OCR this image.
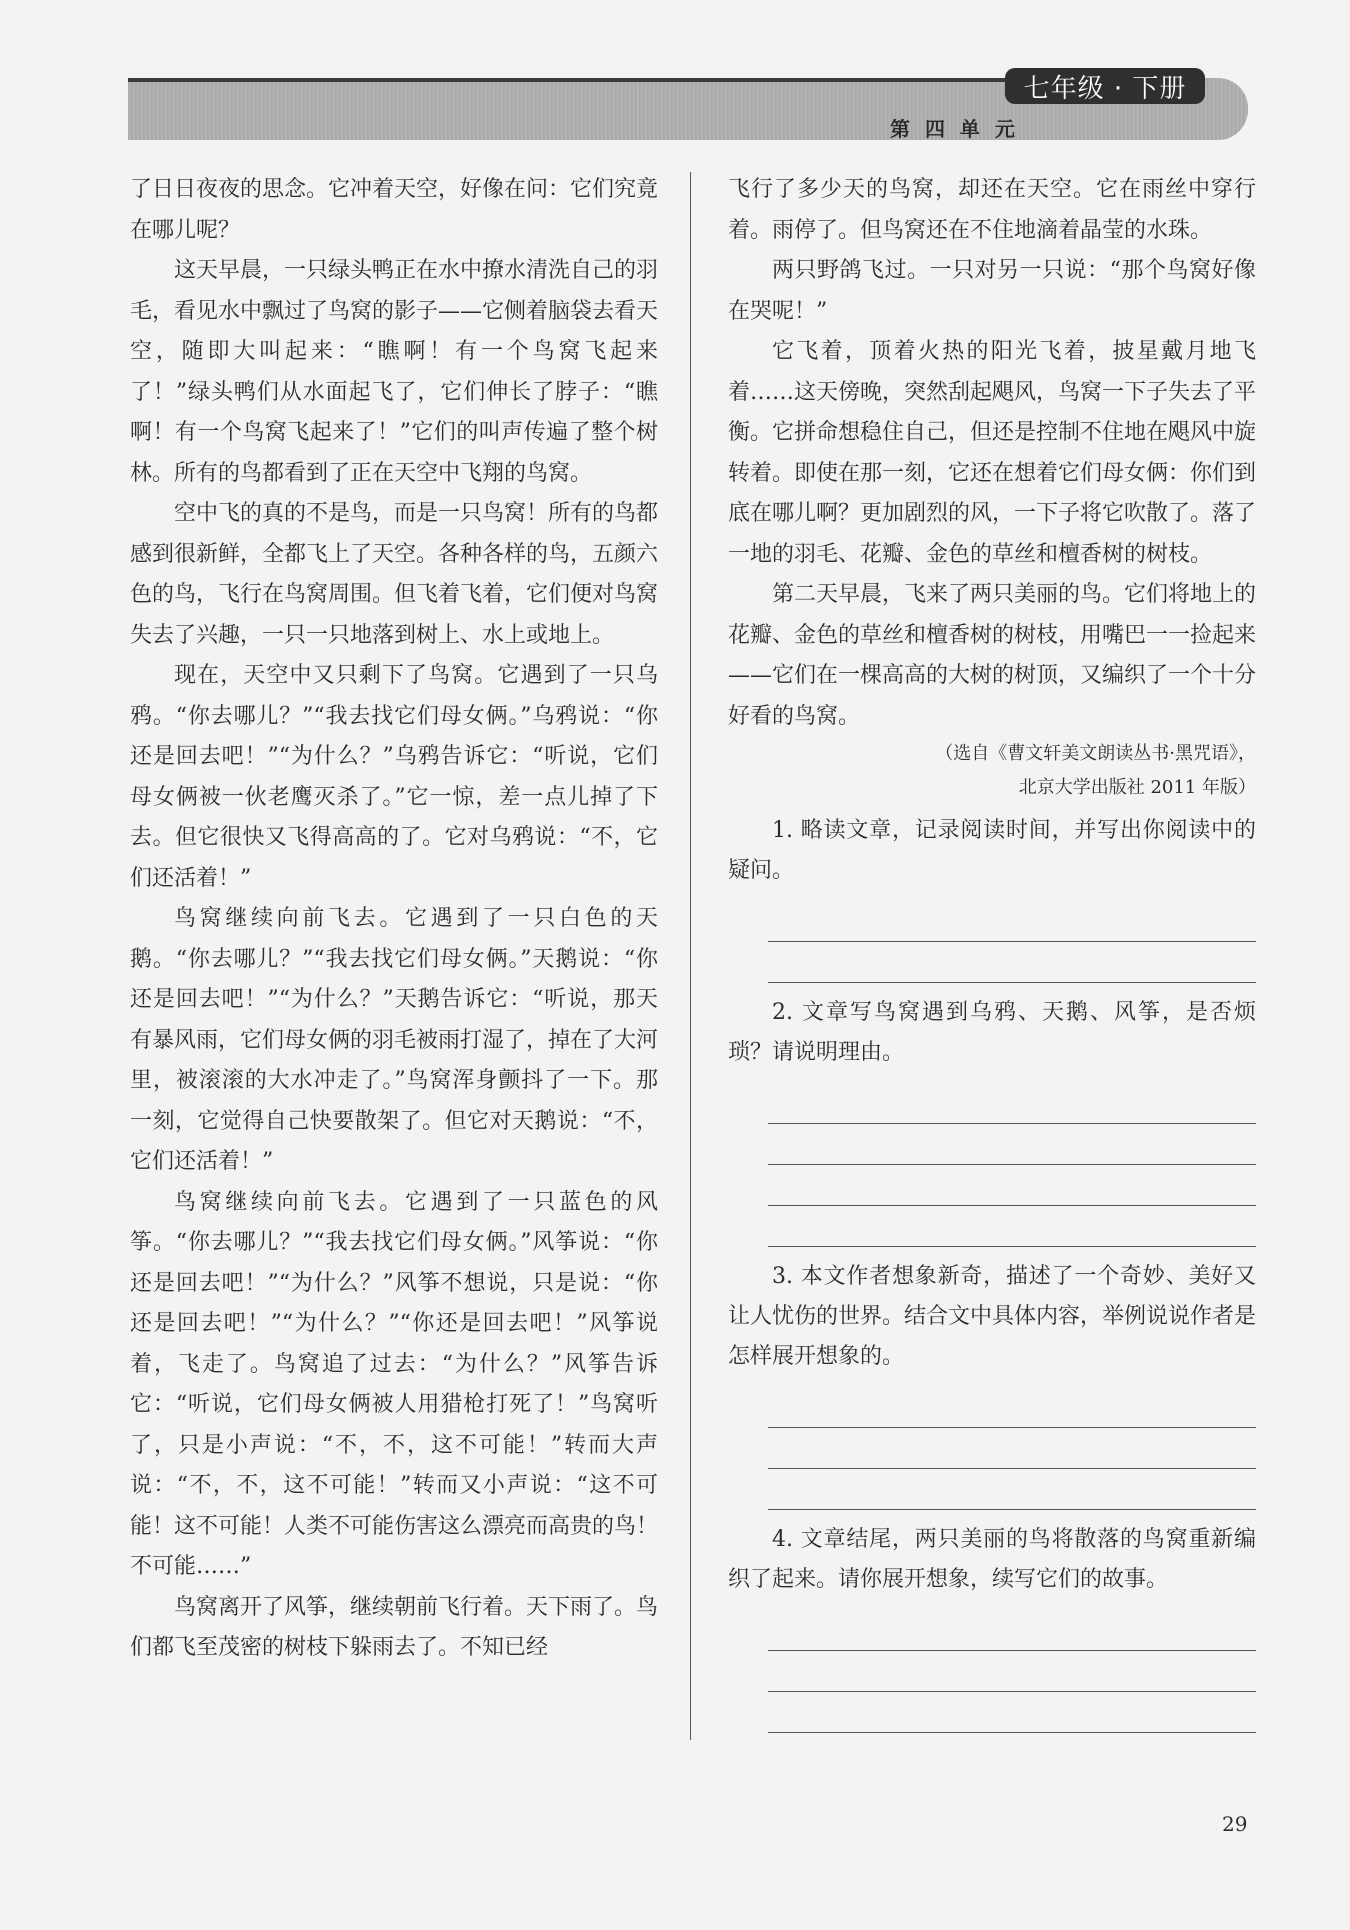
七年级 · 下册
第 四 单 元

了日日夜夜的思念。它冲着天空，好像在问：它们究竟在哪儿呢？

这天早晨，一只绿头鸭正在水中撩水清洗自己的羽毛，看见水中飘过了鸟窝的影子——它侧着脑袋去看天空，随即大叫起来：“瞧啊！有一个鸟窝飞起来了！”绿头鸭们从水面起飞了，它们伸长了脖子：“瞧啊！有一个鸟窝飞起来了！”它们的叫声传遍了整个树林。所有的鸟都看到了正在天空中飞翔的鸟窝。

空中飞的真的不是鸟，而是一只鸟窝！所有的鸟都感到很新鲜，全都飞上了天空。各种各样的鸟，五颜六色的鸟，飞行在鸟窝周围。但飞着飞着，它们便对鸟窝失去了兴趣，一只一只地落到树上、水上或地上。

现在，天空中又只剩下了鸟窝。它遇到了一只乌鸦。“你去哪儿？”“我去找它们母女俩。”乌鸦说：“你还是回去吧！”“为什么？”乌鸦告诉它：“听说，它们母女俩被一伙老鹰灭杀了。”它一惊，差一点儿掉了下去。但它很快又飞得高高的了。它对乌鸦说：“不，它们还活着！”

鸟窝继续向前飞去。它遇到了一只白色的天鹅。“你去哪儿？”“我去找它们母女俩。”天鹅说：“你还是回去吧！”“为什么？”天鹅告诉它：“听说，那天有暴风雨，它们母女俩的羽毛被雨打湿了，掉在了大河里，被滚滚的大水冲走了。”鸟窝浑身颤抖了一下。那一刻，它觉得自己快要散架了。但它对天鹅说：“不，它们还活着！”

鸟窝继续向前飞去。它遇到了一只蓝色的风筝。“你去哪儿？”“我去找它们母女俩。”风筝说：“你还是回去吧！”“为什么？”风筝不想说，只是说：“你还是回去吧！”“为什么？”“你还是回去吧！”风筝说着，飞走了。鸟窝追了过去：“为什么？”风筝告诉它：“听说，它们母女俩被人用猎枪打死了！”鸟窝听了，只是小声说：“不，不，这不可能！”转而大声说：“不，不，这不可能！”转而又小声说：“这不可能！这不可能！人类不可能伤害这么漂亮而高贵的鸟！不可能……”

鸟窝离开了风筝，继续朝前飞行着。天下雨了。鸟们都飞至茂密的树枝下躲雨去了。不知已经

飞行了多少天的鸟窝，却还在天空。它在雨丝中穿行着。雨停了。但鸟窝还在不住地滴着晶莹的水珠。

两只野鸽飞过。一只对另一只说：“那个鸟窝好像在哭呢！”

它飞着，顶着火热的阳光飞着，披星戴月地飞着……这天傍晚，突然刮起飓风，鸟窝一下子失去了平衡。它拼命想稳住自己，但还是控制不住地在飓风中旋转着。即使在那一刻，它还在想着它们母女俩：你们到底在哪儿啊？更加剧烈的风，一下子将它吹散了。落了一地的羽毛、花瓣、金色的草丝和檀香树的树枝。

第二天早晨，飞来了两只美丽的鸟。它们将地上的花瓣、金色的草丝和檀香树的树枝，用嘴巴一一捡起来——它们在一棵高高的大树的树顶，又编织了一个十分好看的鸟窝。

（选自《曹文轩美文朗读丛书·黑咒语》，
北京大学出版社 2011 年版）

1. 略读文章，记录阅读时间，并写出你阅读中的疑问。

2. 文章写鸟窝遇到乌鸦、天鹅、风筝，是否烦琐？请说明理由。

3. 本文作者想象新奇，描述了一个奇妙、美好又让人忧伤的世界。结合文中具体内容，举例说说作者是怎样展开想象的。

4. 文章结尾，两只美丽的鸟将散落的鸟窝重新编织了起来。请你展开想象，续写它们的故事。

29
